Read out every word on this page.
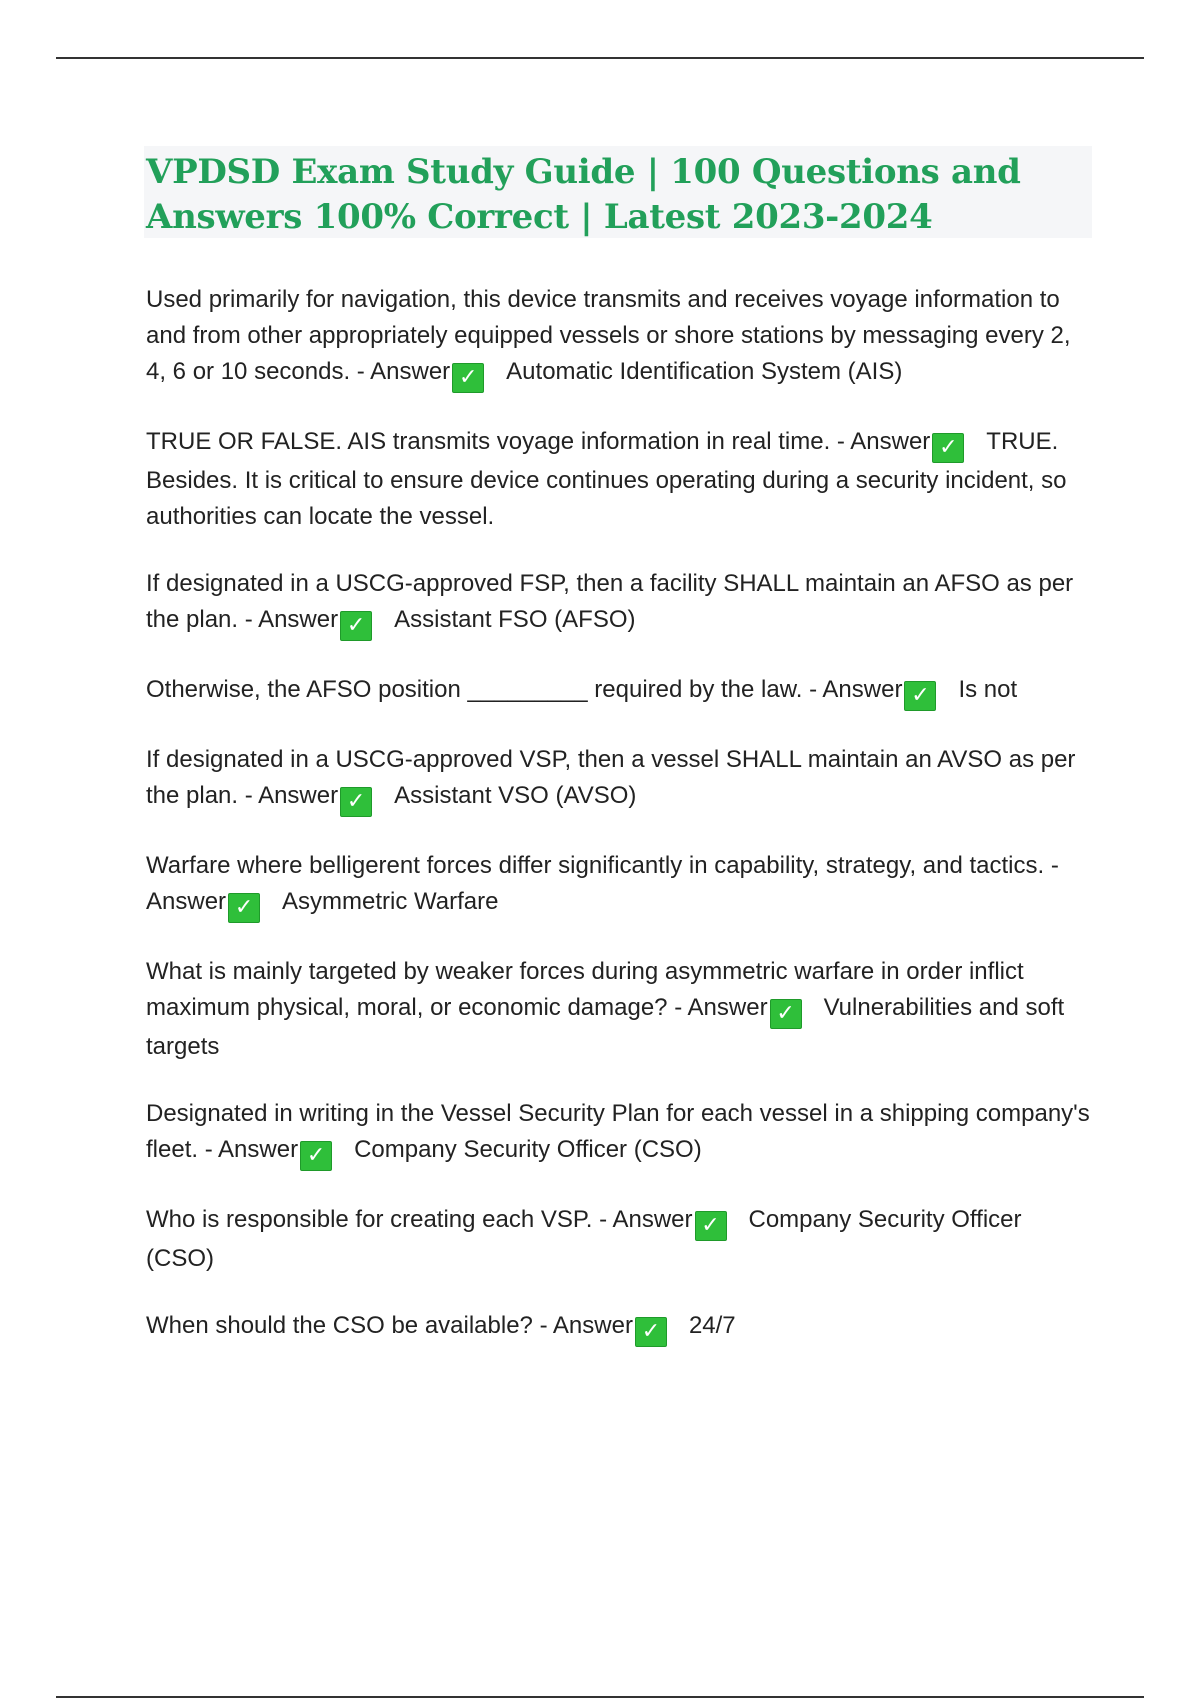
VPDSD Exam Study Guide | 100 Questions and Answers 100% Correct | Latest 2023-2024

Used primarily for navigation, this device transmits and receives voyage information to and from other appropriately equipped vessels or shore stations by messaging every 2, 4, 6 or 10 seconds. - Answer ✓ Automatic Identification System (AIS)

TRUE OR FALSE. AIS transmits voyage information in real time. - Answer ✓ TRUE. Besides. It is critical to ensure device continues operating during a security incident, so authorities can locate the vessel.

If designated in a USCG-approved FSP, then a facility SHALL maintain an AFSO as per the plan. - Answer ✓ Assistant FSO (AFSO)

Otherwise, the AFSO position _________ required by the law. - Answer ✓ Is not

If designated in a USCG-approved VSP, then a vessel SHALL maintain an AVSO as per the plan. - Answer ✓ Assistant VSO (AVSO)

Warfare where belligerent forces differ significantly in capability, strategy, and tactics. - Answer ✓ Asymmetric Warfare

What is mainly targeted by weaker forces during asymmetric warfare in order inflict maximum physical, moral, or economic damage? - Answer ✓ Vulnerabilities and soft targets

Designated in writing in the Vessel Security Plan for each vessel in a shipping company's fleet. - Answer ✓ Company Security Officer (CSO)

Who is responsible for creating each VSP. - Answer ✓ Company Security Officer (CSO)

When should the CSO be available? - Answer ✓ 24/7
